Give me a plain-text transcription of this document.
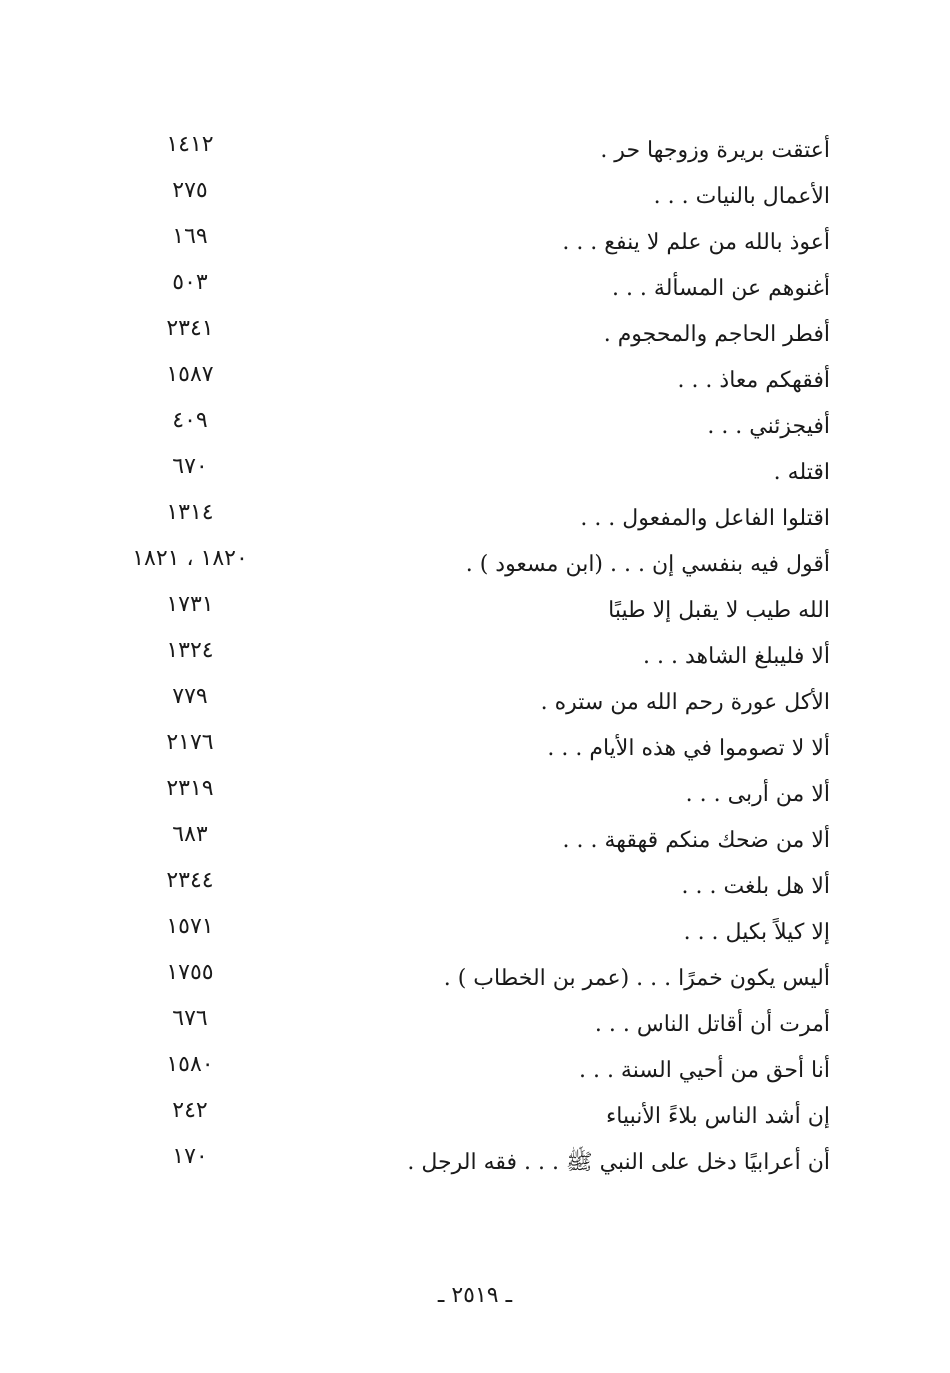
أعتقت بريرة وزوجها حر .
١٤١٢
الأعمال بالنيات . . .
٢٧٥
أعوذ بالله من علم لا ينفع . . .
١٦٩
أغنوهم عن المسألة . . .
٥٠٣
أفطر الحاجم والمحجوم .
٢٣٤١
أفقهكم معاذ . . .
١٥٨٧
أفيجزئني . . .
٤٠٩
اقتله .
٦٧٠
اقتلوا الفاعل والمفعول . . .
١٣١٤
أقول فيه بنفسي إن . . . (ابن مسعود ) .
١٨٢٠ ، ١٨٢١
الله طيب لا يقبل إلا طيبًا
١٧٣١
ألا فليبلغ الشاهد . . .
١٣٢٤
الأكل عورة رحم الله من ستره .
٧٧٩
ألا لا تصوموا في هذه الأيام . . .
٢١٧٦
ألا من أربى . . .
٢٣١٩
ألا من ضحك منكم قهقهة . . .
٦٨٣
ألا هل بلغت . . .
٢٣٤٤
إلا كيلاً بكيل . . .
١٥٧١
أليس يكون خمرًا . . . (عمر بن الخطاب ) .
١٧٥٥
أمرت أن أقاتل الناس . . .
٦٧٦
أنا أحق من أحيي السنة . . .
١٥٨٠
إن أشد الناس بلاءً الأنبياء
٢٤٢
أن أعرابيًا دخل على النبي ﷺ . . . فقه الرجل .
١٧٠
ـ ٢٥١٩ ـ
